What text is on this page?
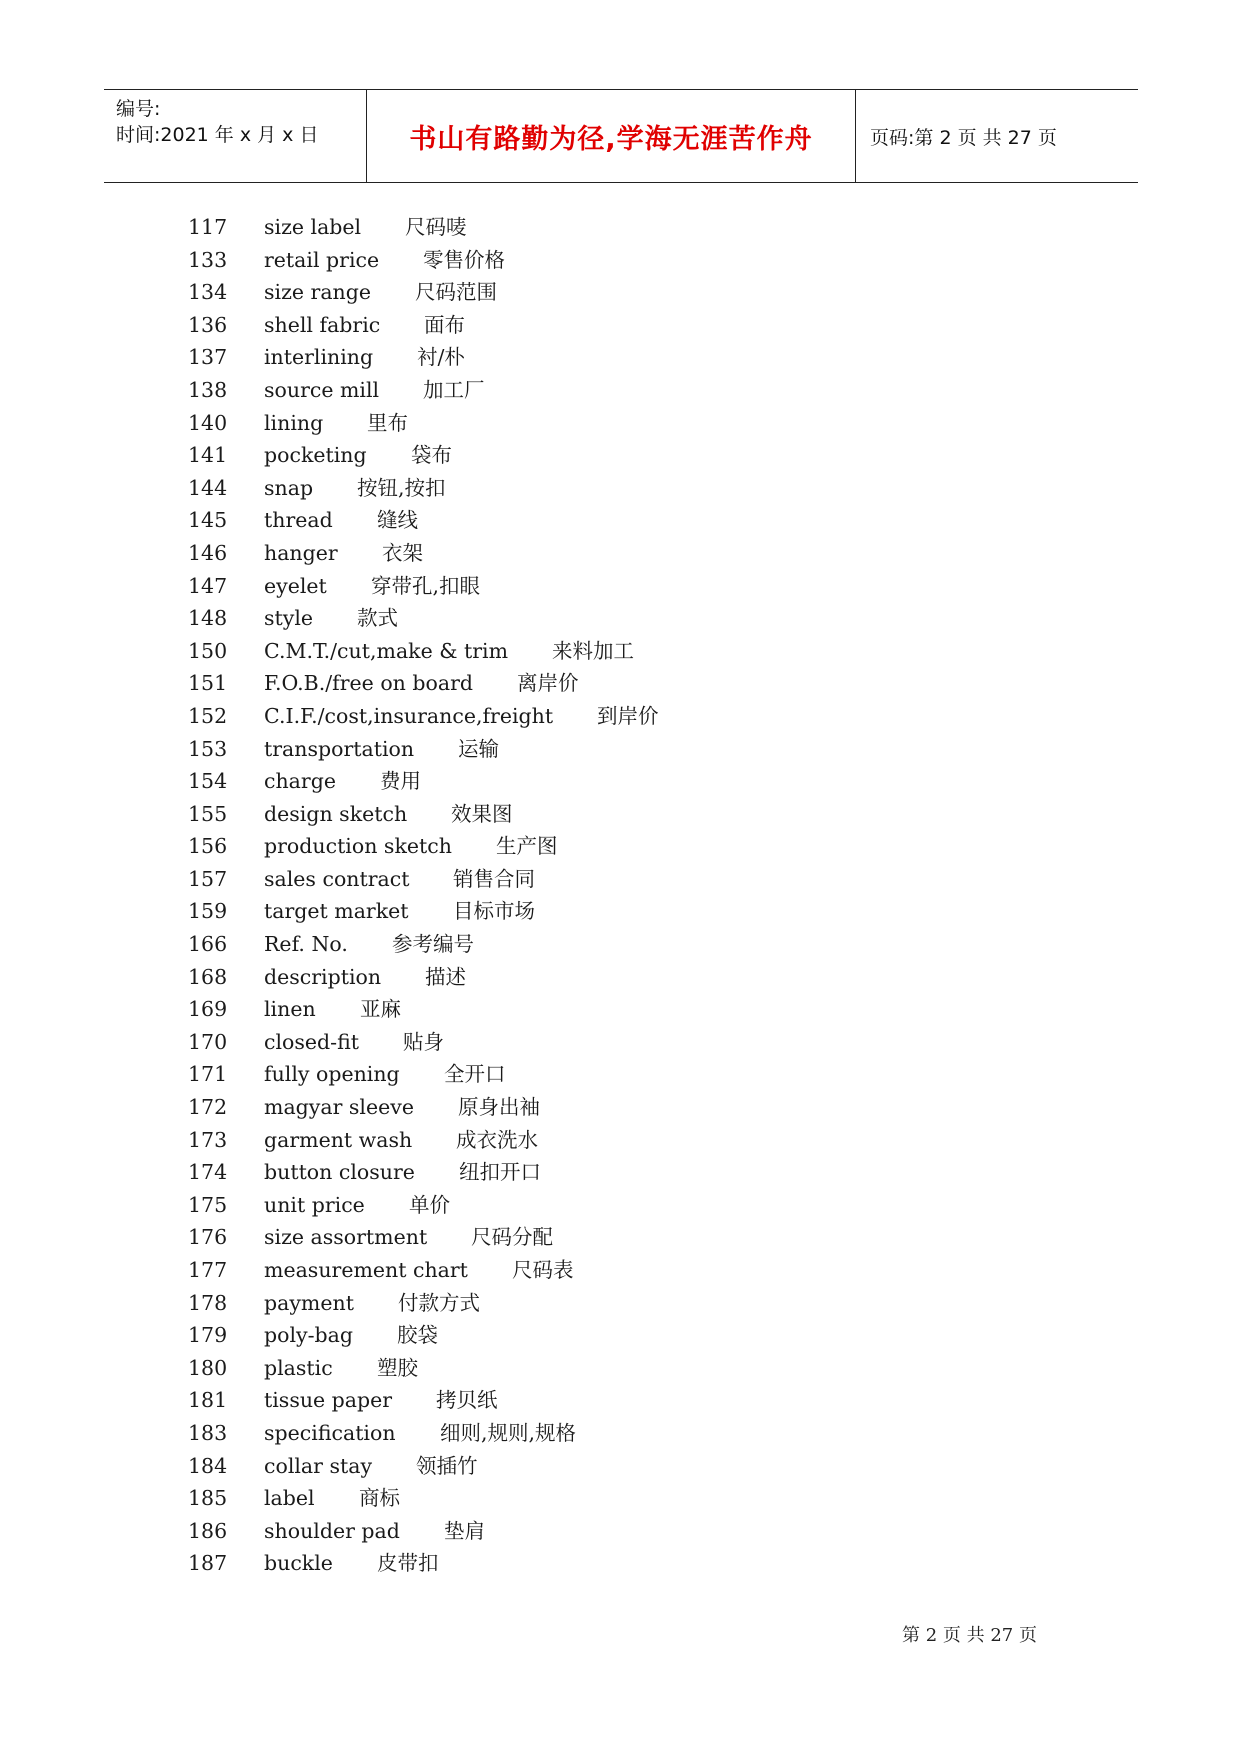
编号:
时间:2021 年 x 月 x 日	书山有路勤为径,学海无涯苦作舟	页码:第 2 页 共 27 页
117	size label 尺码唛
133	retail price 零售价格
134	size range 尺码范围
136	shell fabric 面布
137	interlining 衬/朴
138	source mill 加工厂
140	lining 里布
141	pocketing 袋布
144	snap 按钮,按扣
145	thread 缝线
146	hanger 衣架
147	eyelet 穿带孔,扣眼
148	style 款式
150	C.M.T./cut,make & trim 来料加工
151	F.O.B./free on board 离岸价
152	C.I.F./cost,insurance,freight 到岸价
153	transportation 运输
154	charge 费用
155	design sketch 效果图
156	production sketch 生产图
157	sales contract 销售合同
159	target market 目标市场
166	Ref. No. 参考编号
168	description 描述
169	linen 亚麻
170	closed-fit 贴身
171	fully opening 全开口
172	magyar sleeve 原身出袖
173	garment wash 成衣洗水
174	button closure 纽扣开口
175	unit price 单价
176	size assortment 尺码分配
177	measurement chart 尺码表
178	payment 付款方式
179	poly-bag 胶袋
180	plastic 塑胶
181	tissue paper 拷贝纸
183	specification 细则,规则,规格
184	collar stay 领插竹
185	label 商标
186	shoulder pad 垫肩
187	buckle 皮带扣
第 2 页 共 27 页
